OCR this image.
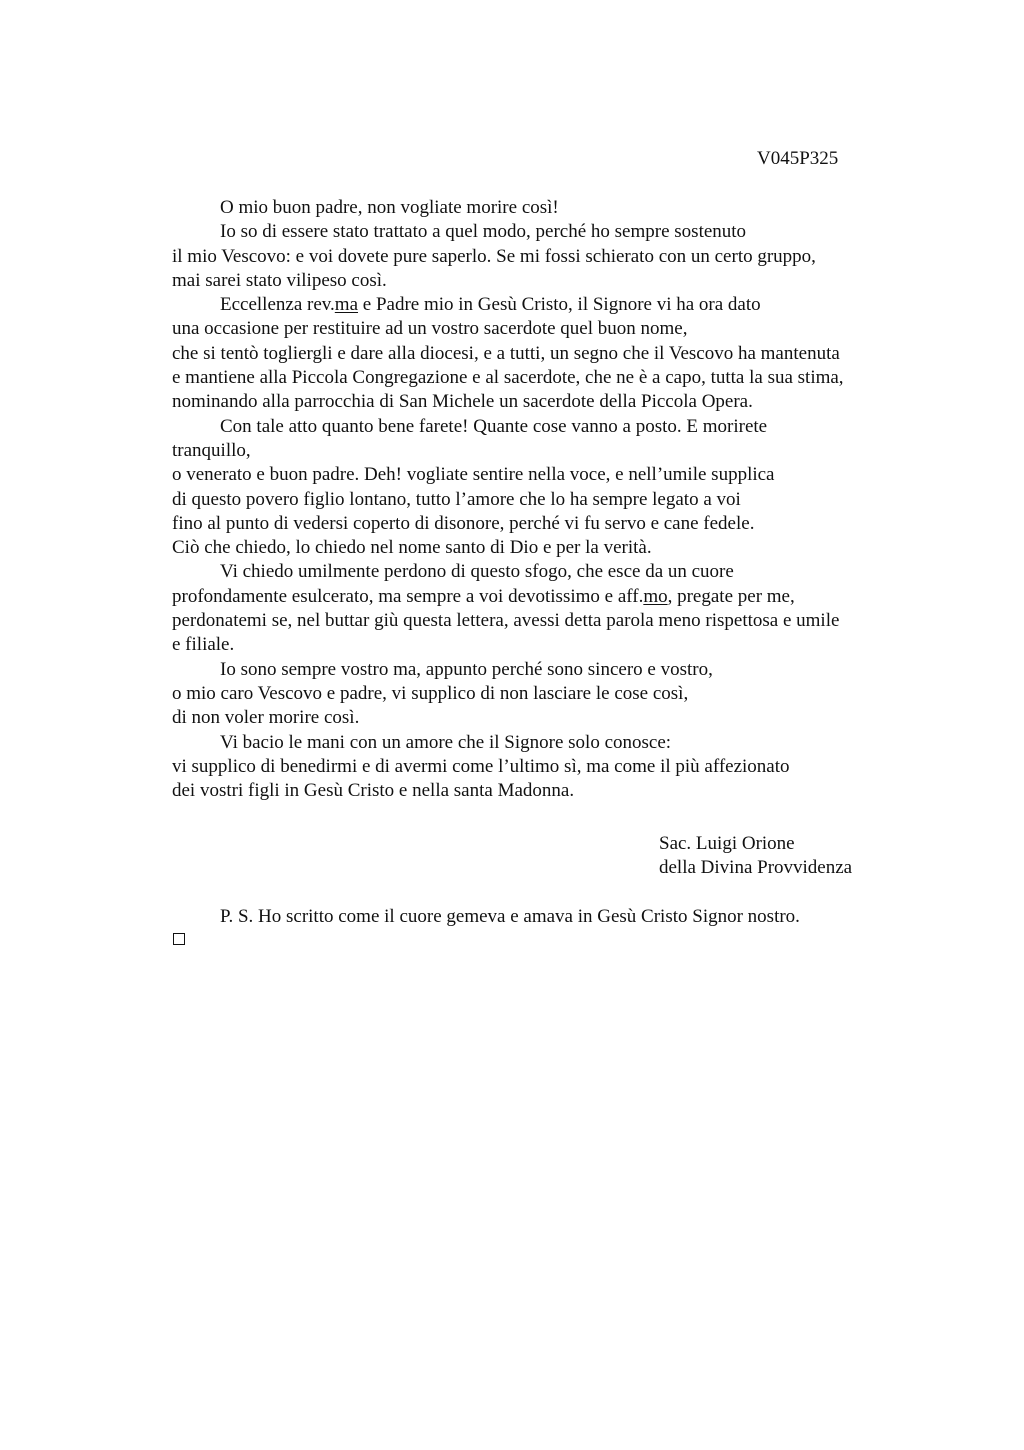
V045P325
O mio buon padre, non vogliate morire così!
Io so di essere stato trattato a quel modo, perché ho sempre sostenuto
il mio Vescovo: e voi dovete pure saperlo. Se mi fossi schierato con un certo gruppo,
mai sarei stato vilipeso così.
Eccellenza rev.ma e Padre mio in Gesù Cristo, il Signore vi ha ora dato
una occasione per restituire ad un vostro sacerdote quel buon nome,
che si tentò togliergli e dare alla diocesi, e a tutti, un segno che il Vescovo ha mantenuta
e mantiene alla Piccola Congregazione e al sacerdote, che ne è a capo, tutta la sua stima,
nominando alla parrocchia di San Michele un sacerdote della Piccola Opera.
Con tale atto quanto bene farete! Quante cose vanno a posto. E morirete
tranquillo,
o venerato e buon padre. Deh! vogliate sentire nella voce, e nell’umile supplica
di questo povero figlio lontano, tutto l’amore che lo ha sempre legato a voi
fino al punto di vedersi coperto di disonore, perché vi fu servo e cane fedele.
Ciò che chiedo, lo chiedo nel nome santo di Dio e per la verità.
Vi chiedo umilmente perdono di questo sfogo, che esce da un cuore
profondamente esulcerato, ma sempre a voi devotissimo e aff.mo, pregate per me,
perdonatemi se, nel buttar giù questa lettera, avessi detta parola meno rispettosa e umile
e filiale.
Io sono sempre vostro ma, appunto perché sono sincero e vostro,
o mio caro Vescovo e padre, vi supplico di non lasciare le cose così,
di non voler morire così.
Vi bacio le mani con un amore che il Signore solo conosce:
vi supplico di benedirmi e di avermi come l’ultimo sì, ma come il più affezionato
dei vostri figli in Gesù Cristo e nella santa Madonna.
Sac. Luigi Orione
della Divina Provvidenza
P. S. Ho scritto come il cuore gemeva e amava in Gesù Cristo Signor nostro.
